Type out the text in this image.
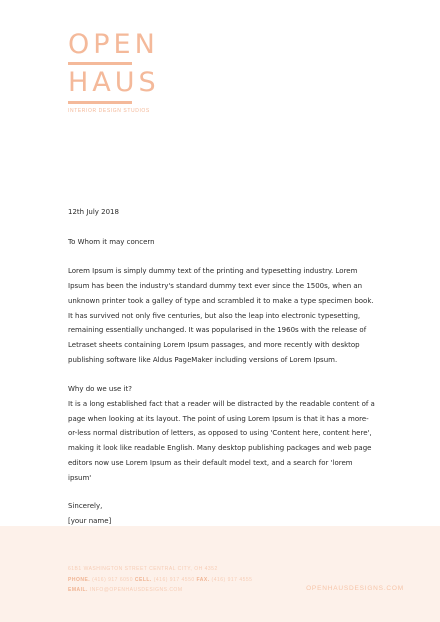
OPEN
HAUS
INTERIOR DESIGN STUDIOS

12th July 2018

To Whom it may concern

Lorem Ipsum is simply dummy text of the printing and typesetting industry. Lorem Ipsum has been the industry's standard dummy text ever since the 1500s, when an unknown printer took a galley of type and scrambled it to make a type specimen book. It has survived not only five centuries, but also the leap into electronic typesetting, remaining essentially unchanged. It was popularised in the 1960s with the release of Letraset sheets containing Lorem Ipsum passages, and more recently with desktop publishing software like Aldus PageMaker including versions of Lorem Ipsum.

Why do we use it?

It is a long established fact that a reader will be distracted by the readable content of a page when looking at its layout. The point of using Lorem Ipsum is that it has a more-or-less normal distribution of letters, as opposed to using 'Content here, content here', making it look like readable English. Many desktop publishing packages and web page editors now use Lorem Ipsum as their default model text, and a search for 'lorem ipsum'

Sincerely,

[your name]

61B1 WASHINGTON STREET CENTRAL CITY, OH 4352
PHONE. (416) 917 6050 CELL. (416) 917 4550 FAX. (416) 917 4555
EMAIL. INFO@OPENHAUSDESIGNS.COM	OPENHAUSDESIGNS.COM
